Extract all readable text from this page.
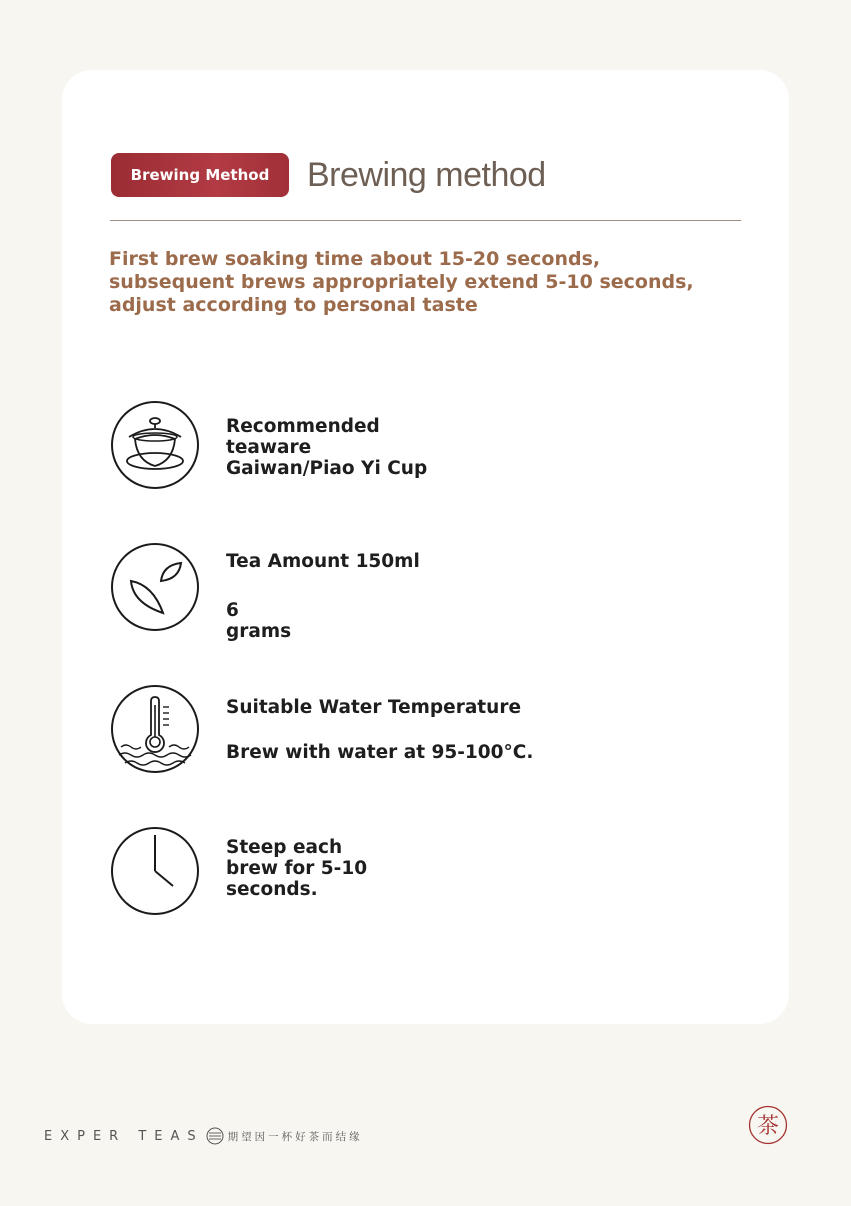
Brewing Method	Brewing method
First brew soaking time about 15-20 seconds, subsequent brews appropriately extend 5-10 seconds, adjust according to personal taste
Recommended
teaware
Gaiwan/Piao Yi Cup
Tea Amount 150ml
6
grams
Suitable Water Temperature
Brew with water at 95-100°C.
Steep each
brew for 5-10
seconds.
EXPER TEAS 期望因一杯好茶而结缘	茶
